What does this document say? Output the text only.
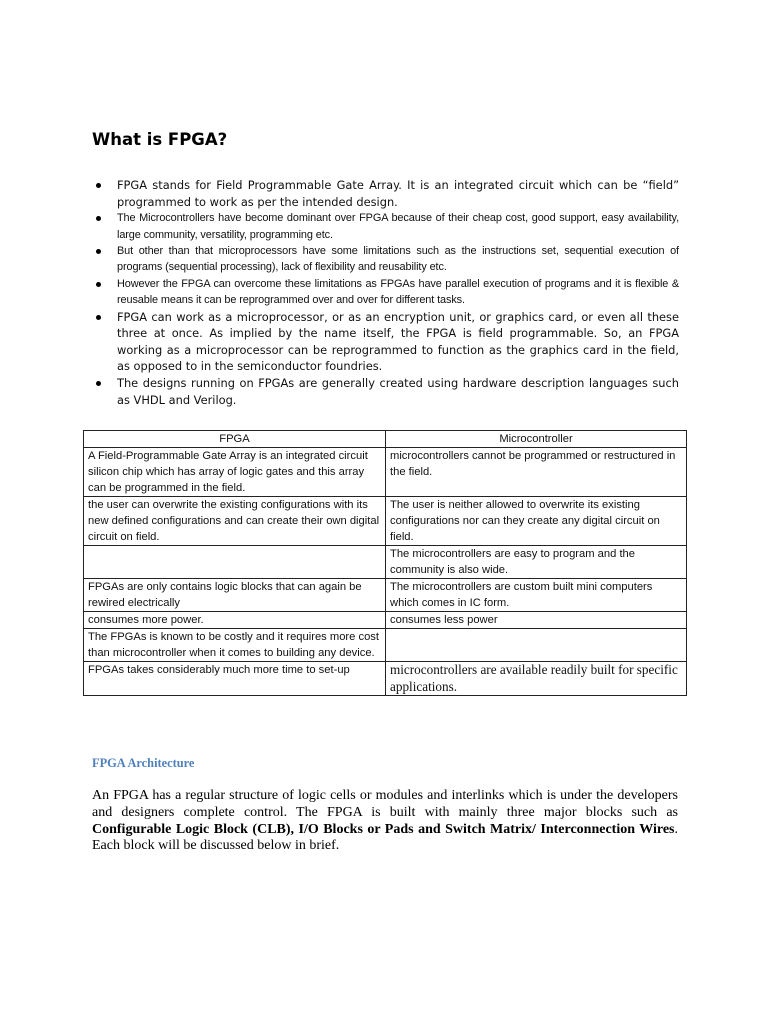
What is FPGA?
FPGA stands for Field Programmable Gate Array. It is an integrated circuit which can be “field” programmed to work as per the intended design.
The Microcontrollers have become dominant over FPGA because of their cheap cost, good support, easy availability, large community, versatility, programming etc.
But other than that microprocessors have some limitations such as the instructions set, sequential execution of programs (sequential processing), lack of flexibility and reusability etc.
However the FPGA can overcome these limitations as FPGAs have parallel execution of programs and it is flexible & reusable means it can be reprogrammed over and over for different tasks.
FPGA can work as a microprocessor, or as an encryption unit, or graphics card, or even all these three at once. As implied by the name itself, the FPGA is field programmable. So, an FPGA working as a microprocessor can be reprogrammed to function as the graphics card in the field, as opposed to in the semiconductor foundries.
The designs running on FPGAs are generally created using hardware description languages such as VHDL and Verilog.
FPGA	Microcontroller
A Field-Programmable Gate Array is an integrated circuit silicon chip which has array of logic gates and this array can be programmed in the field.	microcontrollers cannot be programmed or restructured in the field.
the user can overwrite the existing configurations with its new defined configurations and can create their own digital circuit on field.	The user is neither allowed to overwrite its existing configurations nor can they create any digital circuit on field.
	The microcontrollers are easy to program and the community is also wide.
FPGAs are only contains logic blocks that can again be rewired electrically	The microcontrollers are custom built mini computers which comes in IC form.
consumes more power.	consumes less power
The FPGAs is known to be costly and it requires more cost than microcontroller when it comes to building any device.	
FPGAs takes considerably much more time to set-up	microcontrollers are available readily built for specific applications.
FPGA Architecture

An FPGA has a regular structure of logic cells or modules and interlinks which is under the developers and designers complete control. The FPGA is built with mainly three major blocks such as Configurable Logic Block (CLB), I/O Blocks or Pads and Switch Matrix/ Interconnection Wires. Each block will be discussed below in brief.
